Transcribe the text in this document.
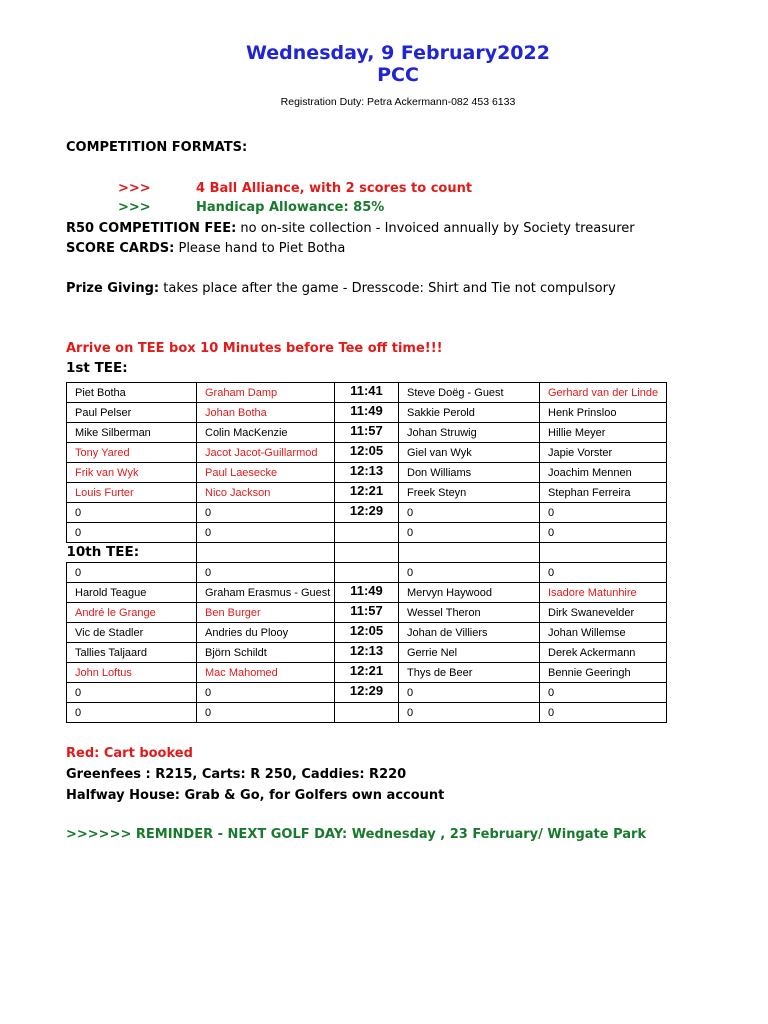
Wednesday, 9 February2022
PCC
Registration Duty: Petra Ackermann-082 453 6133
COMPETITION FORMATS:
>>>	4 Ball Alliance, with 2 scores to count
>>>	Handicap Allowance: 85%
R50 COMPETITION FEE: no on-site collection - Invoiced annually by Society treasurer
SCORE CARDS: Please hand to Piet Botha
Prize Giving: takes place after the game - Dresscode: Shirt and Tie not compulsory
Arrive on TEE box 10 Minutes before Tee off time!!!
1st TEE:
Piet Botha	Graham Damp	11:41	Steve Doëg - Guest	Gerhard van der Linde
Paul Pelser	Johan Botha	11:49	Sakkie Perold	Henk Prinsloo
Mike Silberman	Colin MacKenzie	11:57	Johan Struwig	Hillie Meyer
Tony Yared	Jacot Jacot-Guillarmod	12:05	Giel van Wyk	Japie Vorster
Frik van Wyk	Paul Laesecke	12:13	Don Williams	Joachim Mennen
Louis Furter	Nico Jackson	12:21	Freek Steyn	Stephan Ferreira
0	0	12:29	0	0
0	0		0	0
10th TEE:				
0	0		0	0
Harold Teague	Graham Erasmus - Guest	11:49	Mervyn Haywood	Isadore Matunhire
André le Grange	Ben Burger	11:57	Wessel Theron	Dirk Swanevelder
Vic de Stadler	Andries du Plooy	12:05	Johan de Villiers	Johan Willemse
Tallies Taljaard	Björn Schildt	12:13	Gerrie Nel	Derek Ackermann
John Loftus	Mac Mahomed	12:21	Thys de Beer	Bennie Geeringh
0	0	12:29	0	0
0	0		0	0
Red: Cart booked
Greenfees : R215, Carts: R 250, Caddies: R220
Halfway House: Grab & Go, for Golfers own account
>>>>>> REMINDER - NEXT GOLF DAY: Wednesday , 23 February/ Wingate Park
